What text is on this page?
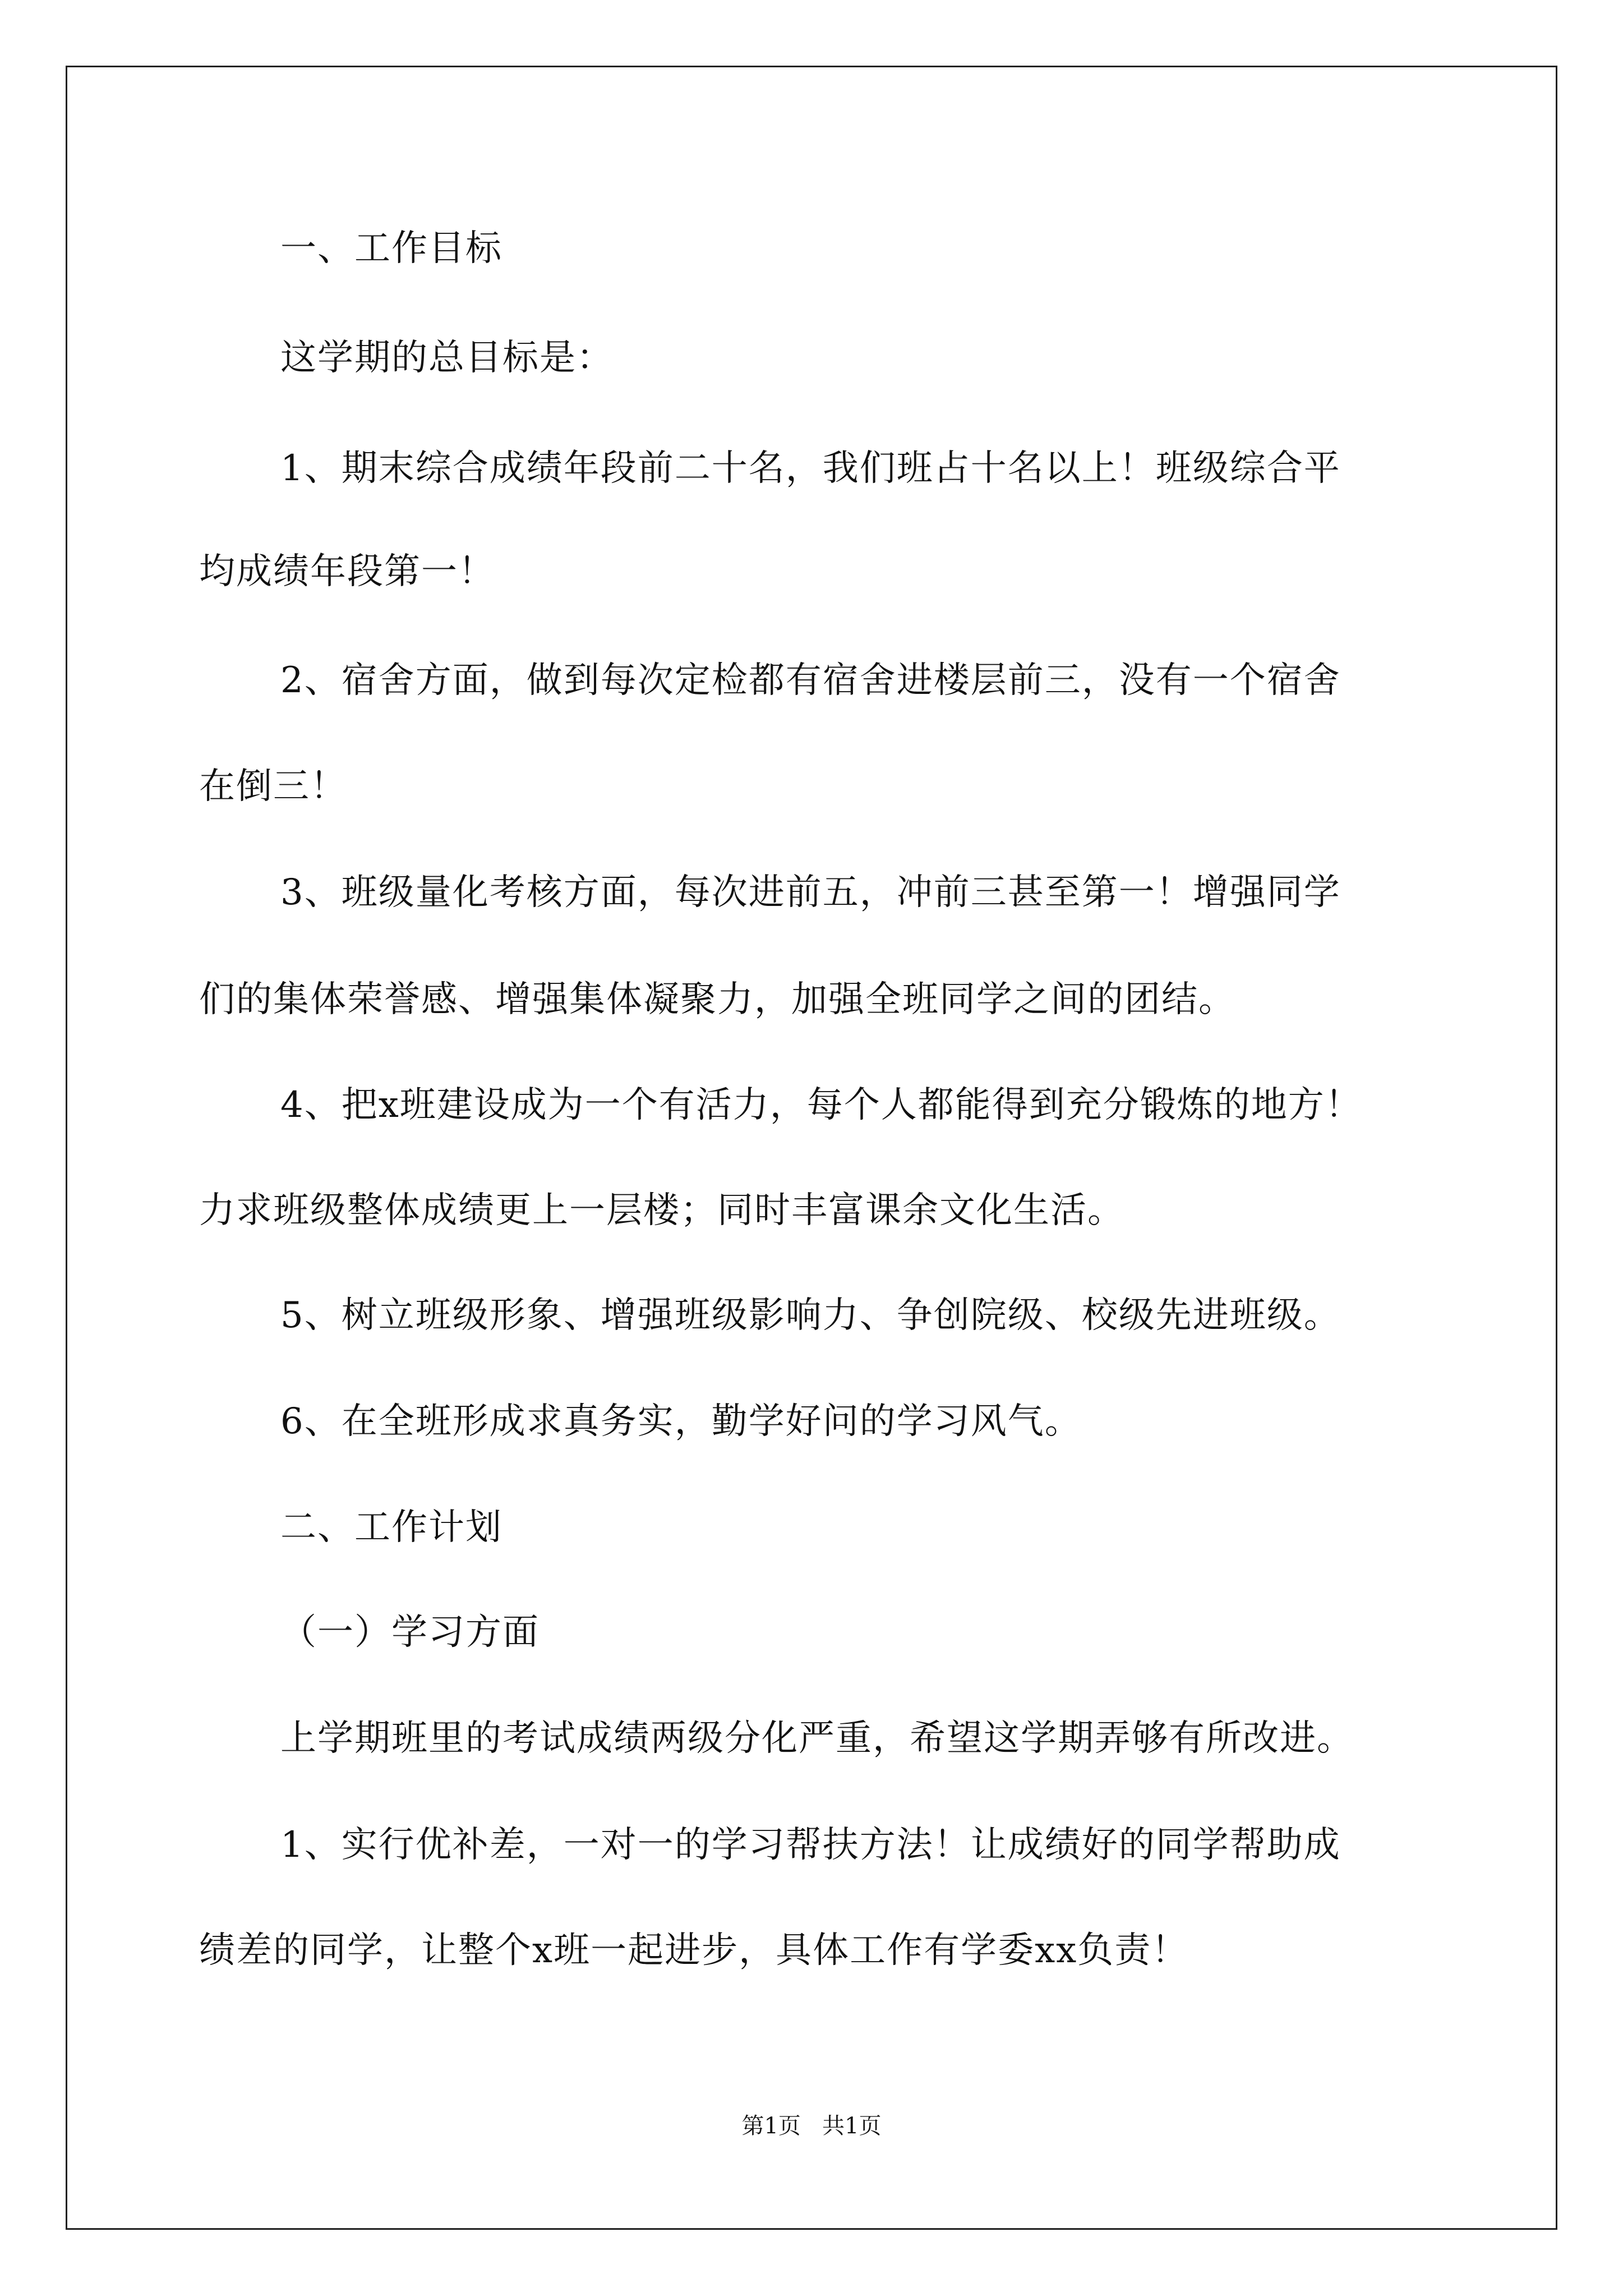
一、工作目标
这学期的总目标是：
1、期末综合成绩年段前二十名，我们班占十名以上！班级综合平
均成绩年段第一！
2、宿舍方面，做到每次定检都有宿舍进楼层前三，没有一个宿舍
在倒三！
3、班级量化考核方面，每次进前五，冲前三甚至第一！增强同学
们的集体荣誉感、增强集体凝聚力，加强全班同学之间的团结。
4、把x班建设成为一个有活力，每个人都能得到充分锻炼的地方！
力求班级整体成绩更上一层楼；同时丰富课余文化生活。
5、树立班级形象、增强班级影响力、争创院级、校级先进班级。
6、在全班形成求真务实，勤学好问的学习风气。
二、工作计划
（一）学习方面
上学期班里的考试成绩两级分化严重，希望这学期弄够有所改进。
1、实行优补差，一对一的学习帮扶方法！让成绩好的同学帮助成
绩差的同学，让整个x班一起进步，具体工作有学委xx负责！
第1页   共1页
